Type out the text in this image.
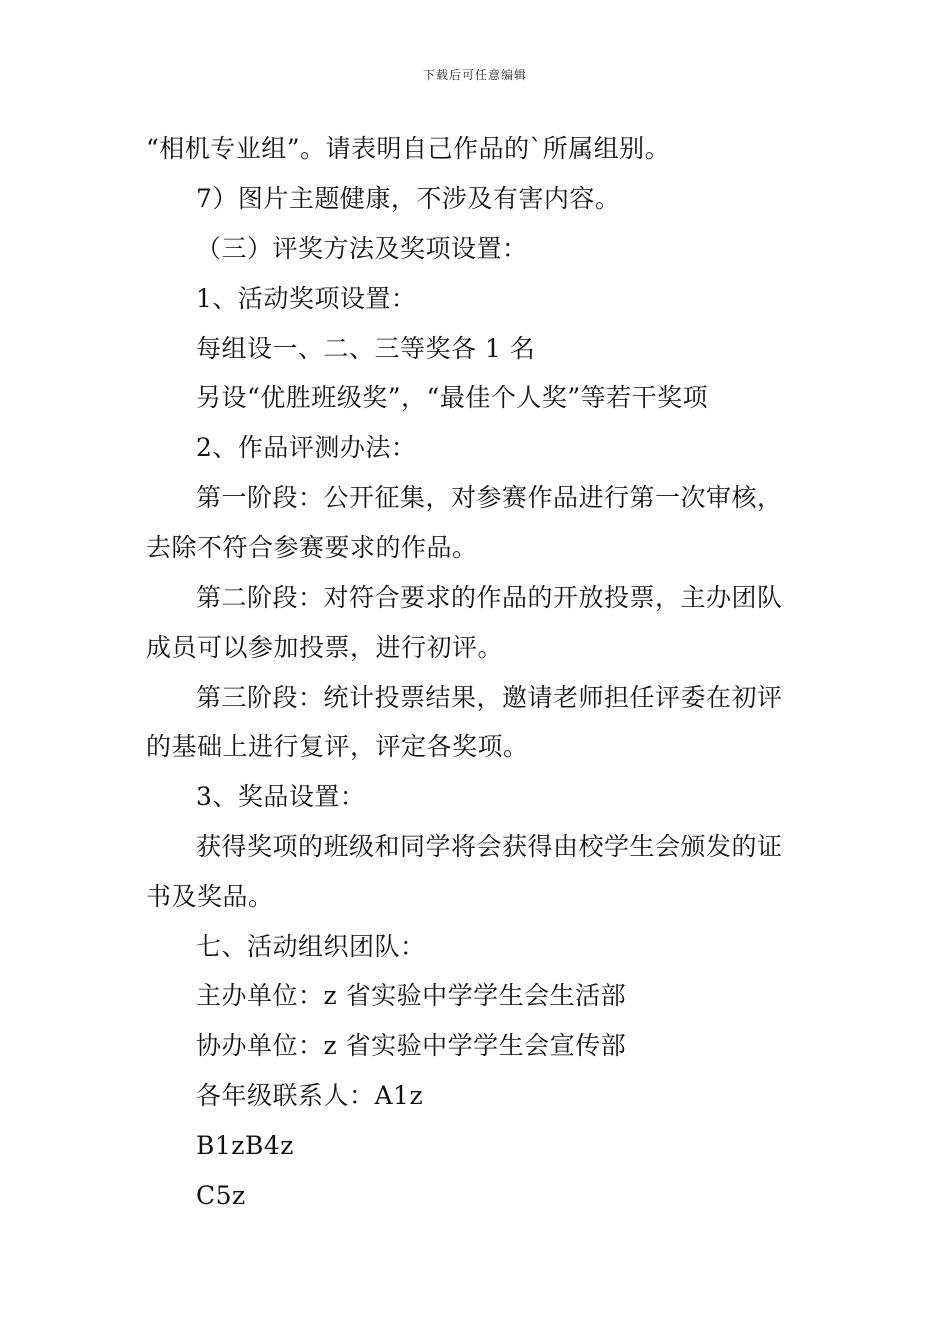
下载后可任意编辑
“相机专业组”。请表明自己作品的`所属组别。
7）图片主题健康，不涉及有害内容。
（三）评奖方法及奖项设置：
1、活动奖项设置：
每组设一、二、三等奖各 1 名
另设“优胜班级奖”，“最佳个人奖”等若干奖项
2、作品评测办法：
第一阶段：公开征集，对参赛作品进行第一次审核，
去除不符合参赛要求的作品。
第二阶段：对符合要求的作品的开放投票，主办团队
成员可以参加投票，进行初评。
第三阶段：统计投票结果，邀请老师担任评委在初评
的基础上进行复评，评定各奖项。
3、奖品设置：
获得奖项的班级和同学将会获得由校学生会颁发的证
书及奖品。
七、活动组织团队：
主办单位：z 省实验中学学生会生活部
协办单位：z 省实验中学学生会宣传部
各年级联系人：A1z
B1zB4z
C5z
